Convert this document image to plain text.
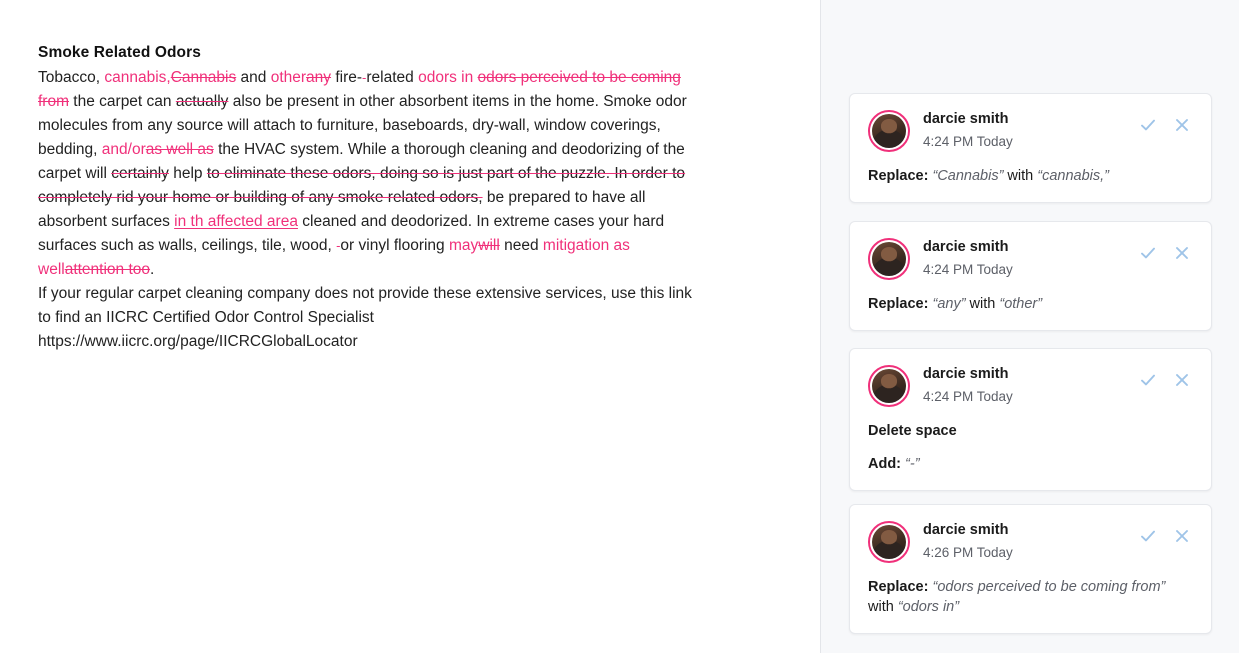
Smoke Related Odors

Tobacco, cannabis,Cannabis and otherany fire--related odors in odors perceived to be coming from the carpet can actually also be present in other absorbent items in the home. Smoke odor molecules from any source will attach to furniture, baseboards, dry-wall, window coverings, bedding, and/oras well as the HVAC system. While a thorough cleaning and deodorizing of the carpet will certainly help to eliminate these odors, doing so is just part of the puzzle. In order to completely rid your home or building of any smoke related odors, be prepared to have all absorbent surfaces in th affected area cleaned and deodorized. In extreme cases your hard surfaces such as walls, ceilings, tile, wood, -or vinyl flooring maywill need mitigation as wellattention too.

If your regular carpet cleaning company does not provide these extensive services, use this link to find an IICRC Certified Odor Control Specialist

https://www.iicrc.org/page/IICRCGlobalLocator

darcie smith
4:24 PM Today
Replace: “Cannabis” with “cannabis,”
darcie smith
4:24 PM Today
Replace: “any” with “other”
darcie smith
4:24 PM Today
Delete space
Add: “-”
darcie smith
4:26 PM Today
Replace: “odors perceived to be coming from” with “odors in”
